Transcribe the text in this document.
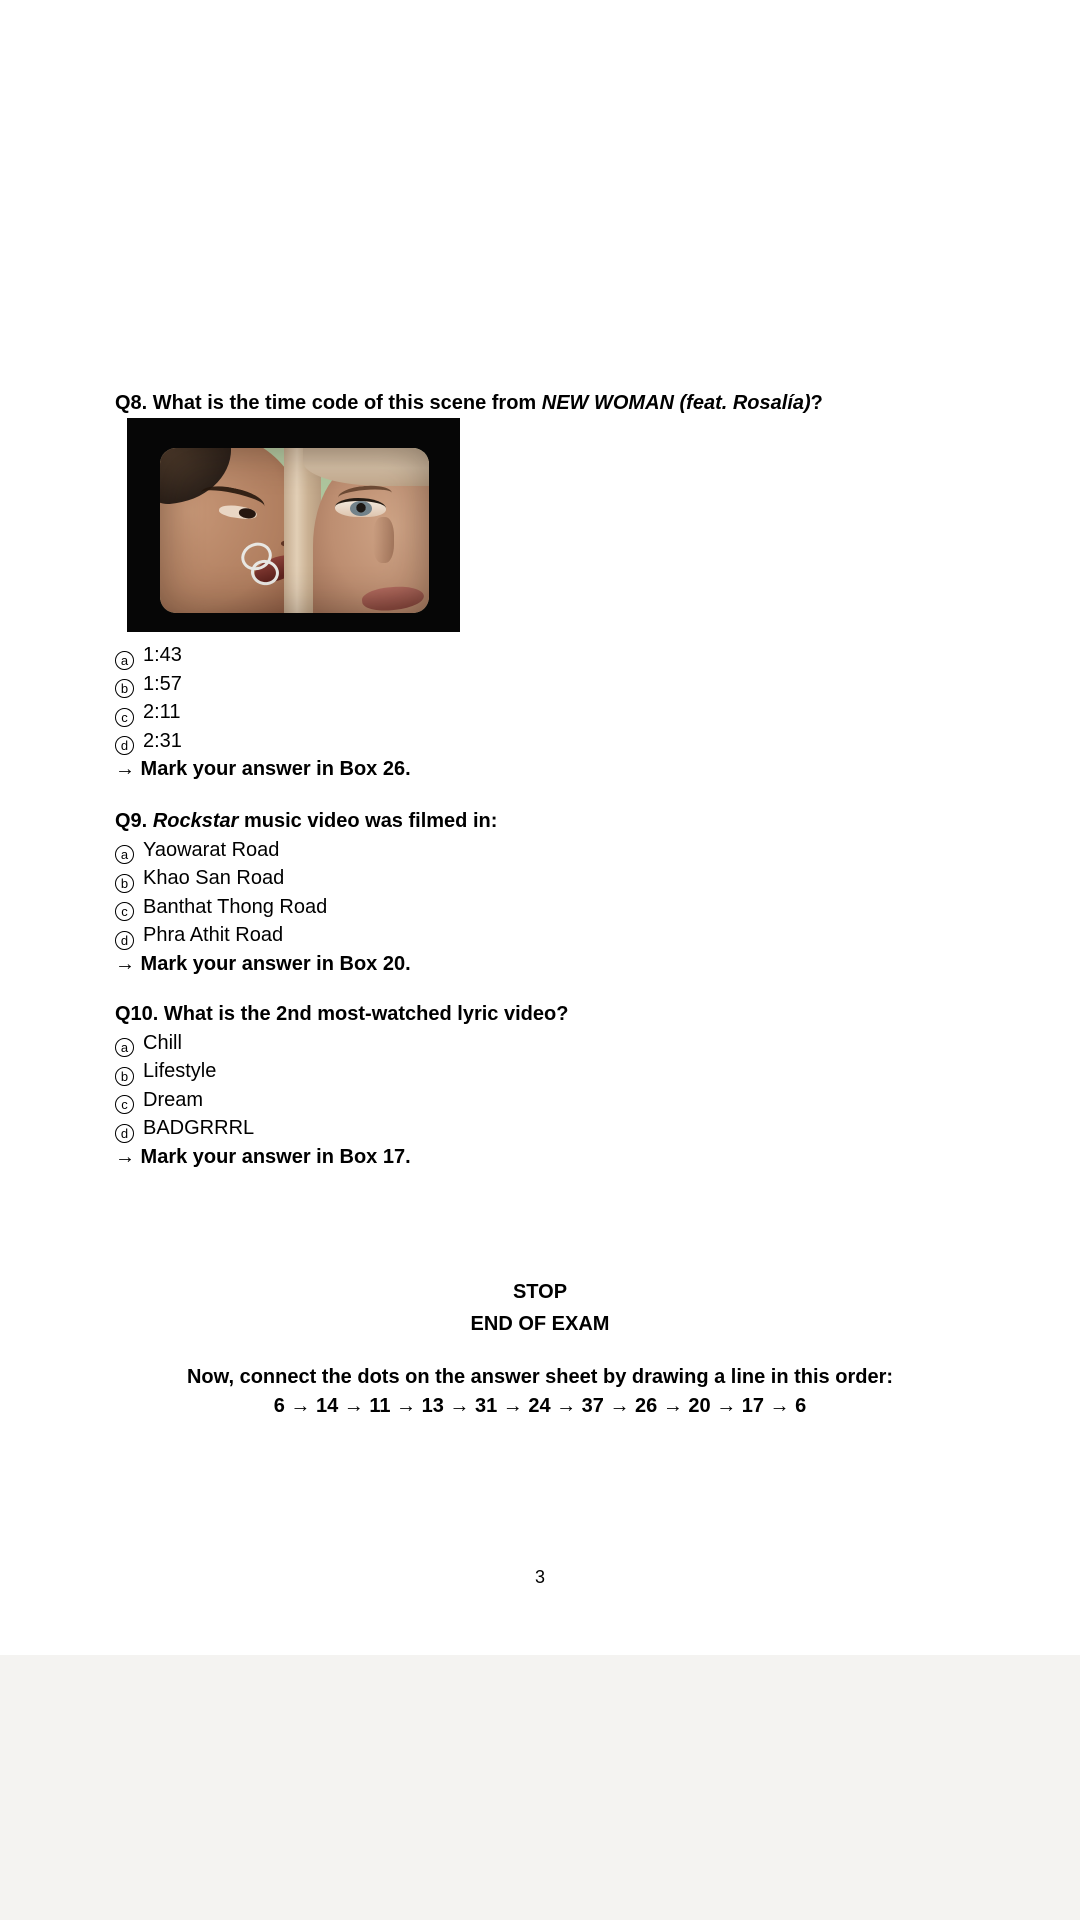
Q8. What is the time code of this scene from NEW WOMAN (feat. Rosalía)?
a 1:43
b 1:57
c 2:11
d 2:31
→ Mark your answer in Box 26.
Q9. Rockstar music video was filmed in:
a Yaowarat Road
b Khao San Road
c Banthat Thong Road
d Phra Athit Road
→ Mark your answer in Box 20.
Q10. What is the 2nd most-watched lyric video?
a Chill
b Lifestyle
c Dream
d BADGRRRL
→ Mark your answer in Box 17.
STOP
END OF EXAM
Now, connect the dots on the answer sheet by drawing a line in this order:
6 → 14 → 11 → 13 → 31 → 24 → 37 → 26 → 20 → 17 → 6
3
